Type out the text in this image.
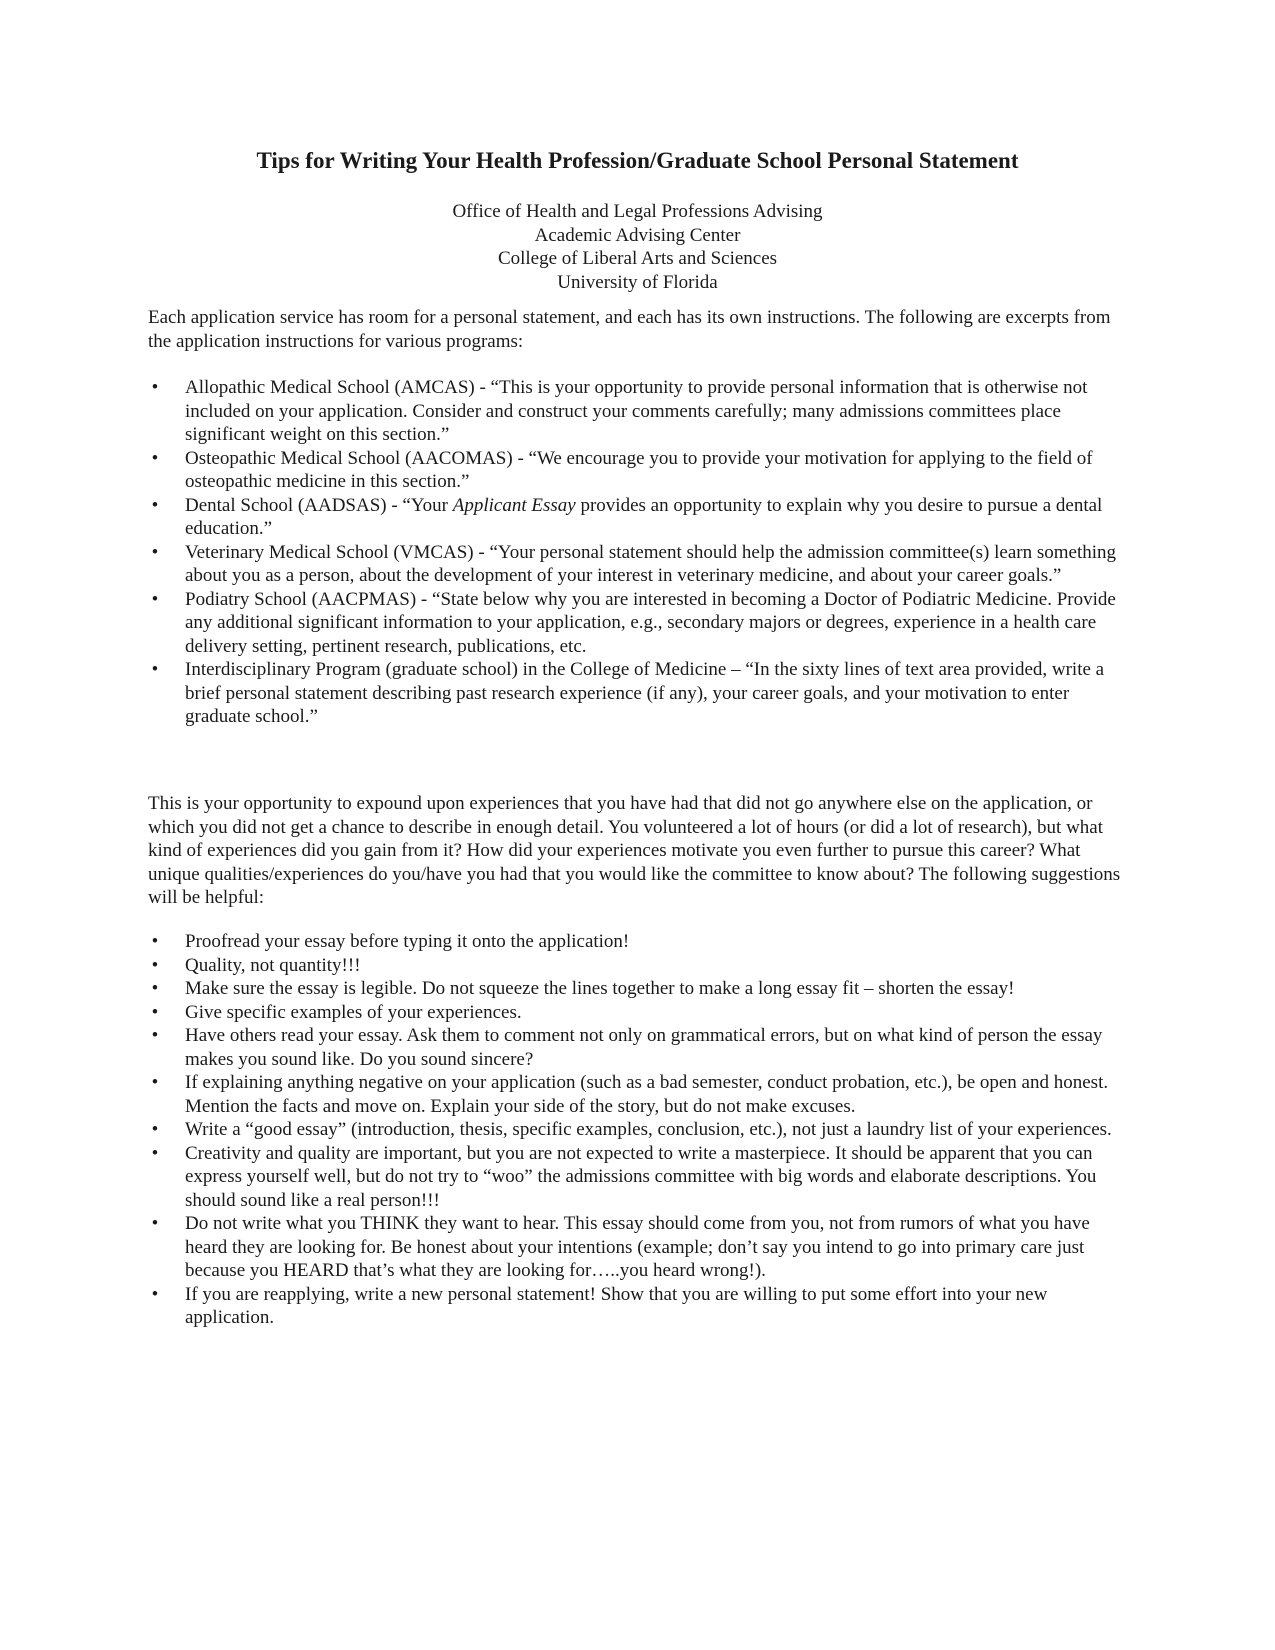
Tips for Writing Your Health Profession/Graduate School Personal Statement
Office of Health and Legal Professions Advising
Academic Advising Center
College of Liberal Arts and Sciences
University of Florida

Each application service has room for a personal statement, and each has its own instructions. The following are excerpts from the application instructions for various programs:

• Allopathic Medical School (AMCAS) - “This is your opportunity to provide personal information that is otherwise not included on your application. Consider and construct your comments carefully; many admissions committees place significant weight on this section.”
• Osteopathic Medical School (AACOMAS) - “We encourage you to provide your motivation for applying to the field of osteopathic medicine in this section.”
• Dental School (AADSAS) - “Your Applicant Essay provides an opportunity to explain why you desire to pursue a dental education.”
• Veterinary Medical School (VMCAS) - “Your personal statement should help the admission committee(s) learn something about you as a person, about the development of your interest in veterinary medicine, and about your career goals.”
• Podiatry School (AACPMAS) - “State below why you are interested in becoming a Doctor of Podiatric Medicine. Provide any additional significant information to your application, e.g., secondary majors or degrees, experience in a health care delivery setting, pertinent research, publications, etc.
• Interdisciplinary Program (graduate school) in the College of Medicine – “In the sixty lines of text area provided, write a brief personal statement describing past research experience (if any), your career goals, and your motivation to enter graduate school.”

This is your opportunity to expound upon experiences that you have had that did not go anywhere else on the application, or which you did not get a chance to describe in enough detail. You volunteered a lot of hours (or did a lot of research), but what kind of experiences did you gain from it? How did your experiences motivate you even further to pursue this career? What unique qualities/experiences do you/have you had that you would like the committee to know about? The following suggestions will be helpful:

• Proofread your essay before typing it onto the application!
• Quality, not quantity!!!
• Make sure the essay is legible. Do not squeeze the lines together to make a long essay fit – shorten the essay!
• Give specific examples of your experiences.
• Have others read your essay. Ask them to comment not only on grammatical errors, but on what kind of person the essay makes you sound like. Do you sound sincere?
• If explaining anything negative on your application (such as a bad semester, conduct probation, etc.), be open and honest. Mention the facts and move on. Explain your side of the story, but do not make excuses.
• Write a “good essay” (introduction, thesis, specific examples, conclusion, etc.), not just a laundry list of your experiences.
• Creativity and quality are important, but you are not expected to write a masterpiece. It should be apparent that you can express yourself well, but do not try to “woo” the admissions committee with big words and elaborate descriptions. You should sound like a real person!!!
• Do not write what you THINK they want to hear. This essay should come from you, not from rumors of what you have heard they are looking for. Be honest about your intentions (example; don’t say you intend to go into primary care just because you HEARD that’s what they are looking for…..you heard wrong!).
• If you are reapplying, write a new personal statement! Show that you are willing to put some effort into your new application.
